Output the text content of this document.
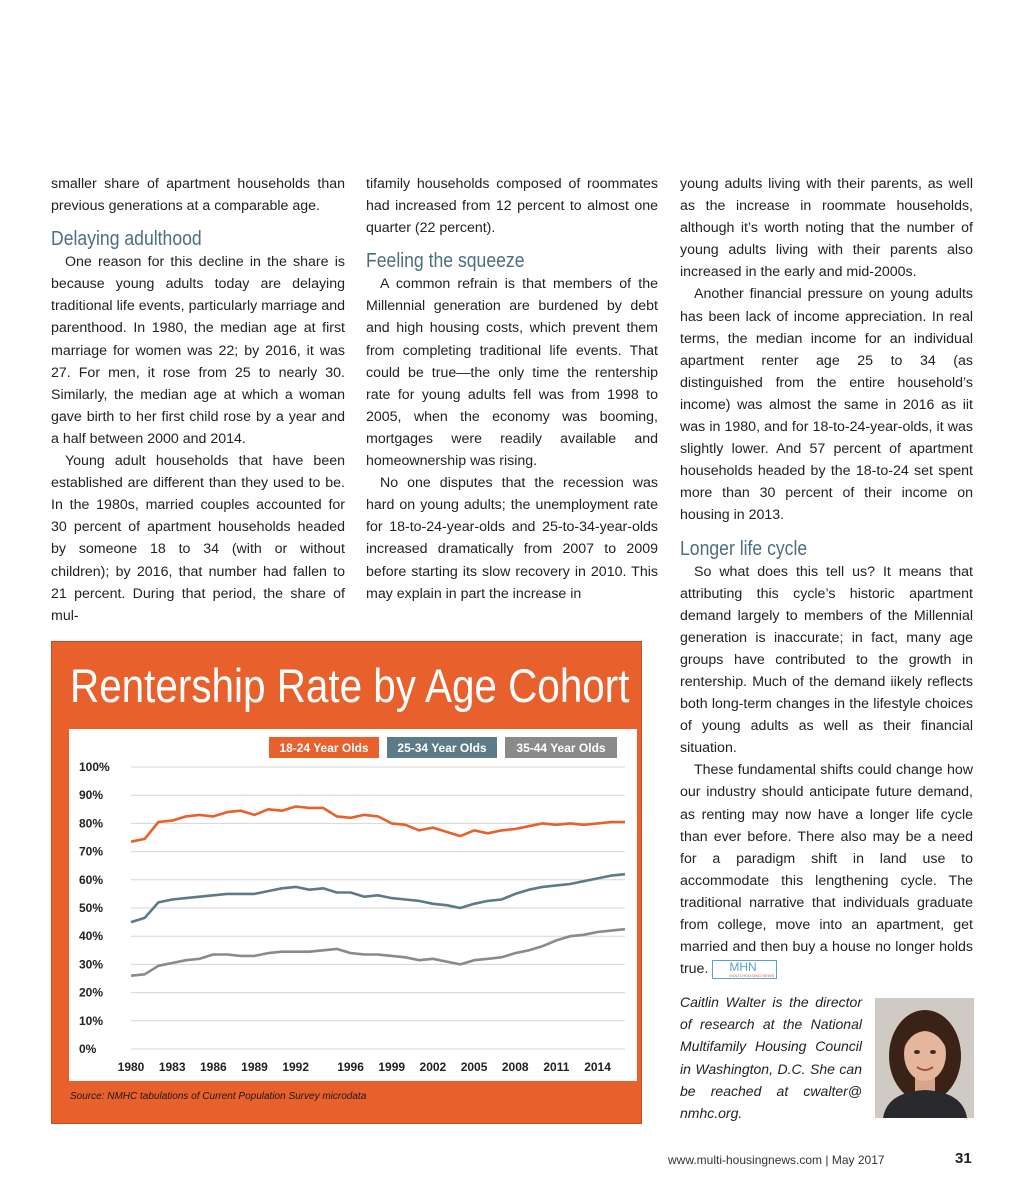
smaller share of apartment households than previous generations at a comparable age.

Delaying adulthood

One reason for this decline in the share is because young adults today are delaying traditional life events, particularly marriage and parenthood. In 1980, the median age at first marriage for women was 22; by 2016, it was 27. For men, it rose from 25 to nearly 30. Similarly, the median age at which a woman gave birth to her first child rose by a year and a half between 2000 and 2014.

Young adult households that have been established are different than they used to be. In the 1980s, married couples accounted for 30 percent of apartment households headed by someone 18 to 34 (with or without children); by 2016, that number had fallen to 21 percent. During that period, the share of mul-

tifamily households composed of roommates had increased from 12 percent to almost one quarter (22 percent).

Feeling the squeeze

A common refrain is that members of the Millennial generation are burdened by debt and high housing costs, which prevent them from completing traditional life events. That could be true—the only time the rentership rate for young adults fell was from 1998 to 2005, when the economy was booming, mortgages were readily available and homeownership was rising.

No one disputes that the recession was hard on young adults; the unemployment rate for 18-to-24-year-olds and 25-to-34-year-olds increased dramatically from 2007 to 2009 before starting its slow recovery in 2010. This may explain in part the increase in

young adults living with their parents, as well as the increase in roommate households, although it’s worth noting that the number of young adults living with their parents also increased in the early and mid-2000s.

Another financial pressure on young adults has been lack of income appreciation. In real terms, the median income for an individual apartment renter age 25 to 34 (as distinguished from the entire household’s income) was almost the same in 2016 as iit was in 1980, and for 18-to-24-year-olds, it was slightly lower. And 57 percent of apartment households headed by the 18-to-24 set spent more than 30 percent of their income on housing in 2013.

Longer life cycle

So what does this tell us? It means that attributing this cycle’s historic apartment demand largely to members of the Millennial generation is inaccurate; in fact, many age groups have contributed to the growth in rentership. Much of the demand iikely reflects both long-term changes in the lifestyle choices of young adults as well as their financial situation.

These fundamental shifts could change how our industry should anticipate future demand, as renting may now have a longer life cycle than ever before. There also may be a need for a paradigm shift in land use to accommodate this lengthening cycle. The traditional narrative that individuals graduate from college, move into an apartment, get married and then buy a house no longer holds true. MHN
MULTI-HOUSING NEWS

Rentership Rate by Age Cohort
100%
90%
80%
70%
60%
50%
40%
30%
20%
10%
0%
1980 1983 1986 1989 1992 1996 1999 2002 2005 2008 2011 2014
18-24 Year Olds 25-34 Year Olds 35-44 Year Olds
Source: NMHC tabulations of Current Population Survey microdata
Caitlin Walter is the director of research at the National Multifamily Housing Council in Washington, D.C. She can be reached at cwalter@ nmhc.org.
www.multi-housingnews.com | May 2017	31
